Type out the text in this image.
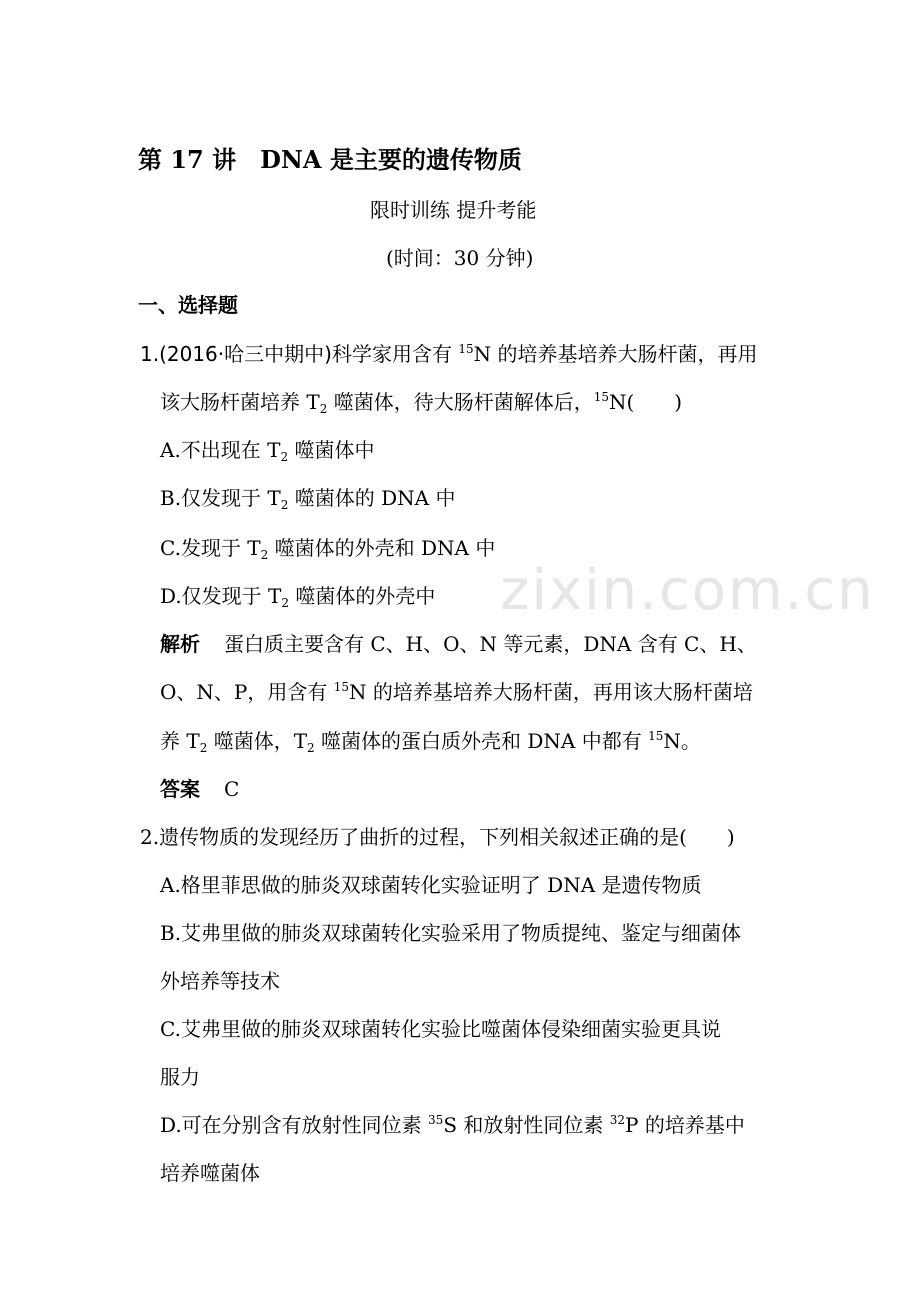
zixin.com.cn
第 17 讲 DNA 是主要的遗传物质
限时训练 提升考能
(时间：30 分钟)
一、选择题
1.(2016·哈三中期中)科学家用含有 $^{15}$N 的培养基培养大肠杆菌，再用
该大肠杆菌培养 $T_2$ 噬菌体，待大肠杆菌解体后，$^{15}$N(　　)
A.不出现在 $T_2$ 噬菌体中
B.仅发现于 $T_2$ 噬菌体的 DNA 中
C.发现于 $T_2$ 噬菌体的外壳和 DNA 中
D.仅发现于 $T_2$ 噬菌体的外壳中
解析 蛋白质主要含有 C、H、O、N 等元素，DNA 含有 C、H、
O、N、P，用含有 $^{15}$N 的培养基培养大肠杆菌，再用该大肠杆菌培
养 $T_2$ 噬菌体，$T_2$ 噬菌体的蛋白质外壳和 DNA 中都有 $^{15}$N。
答案 C
2.遗传物质的发现经历了曲折的过程，下列相关叙述正确的是(　　)
A.格里菲思做的肺炎双球菌转化实验证明了 DNA 是遗传物质
B.艾弗里做的肺炎双球菌转化实验采用了物质提纯、鉴定与细菌体
外培养等技术
C.艾弗里做的肺炎双球菌转化实验比噬菌体侵染细菌实验更具说
服力
D.可在分别含有放射性同位素 $^{35}$S 和放射性同位素 $^{32}$P 的培养基中
培养噬菌体
